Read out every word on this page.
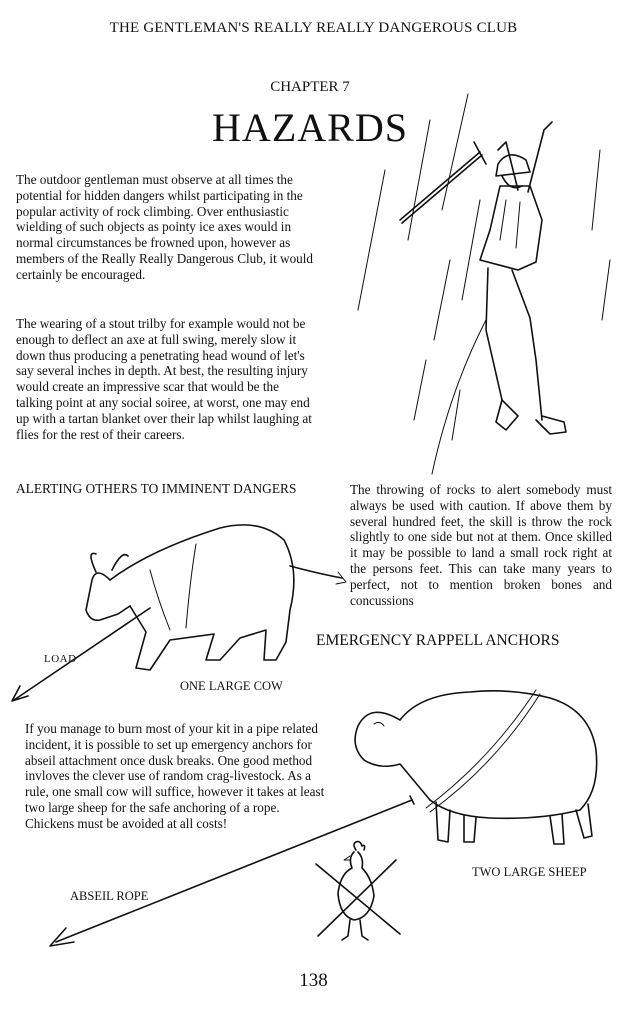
THE GENTLEMAN'S REALLY REALLY DANGEROUS CLUB
CHAPTER 7
HAZARDS

The outdoor gentleman must observe at all times the potential for hidden dangers whilst participating in the popular activity of rock climbing. Over enthusiastic wielding of such objects as pointy ice axes would in normal circumstances be frowned upon, however as members of the Really Really Dangerous Club, it would certainly be encouraged.

The wearing of a stout trilby for example would not be enough to deflect an axe at full swing, merely slow it down thus producing a penetrating head wound of let's say several inches in depth. At best, the resulting injury would create an impressive scar that would be the talking point at any social soiree, at worst, one may end up with a tartan blanket over their lap whilst laughing at flies for the rest of their careers.

ALERTING OTHERS TO IMMINENT DANGERS	The throwing of rocks to alert somebody must always be used with caution. If above them by several hundred feet, the skill is throw the rock slightly to one side but not at them. Once skilled it may be possible to land a small rock right at the persons feet. This can take many years to perfect, not to mention broken bones and concussions

LOAD
ONE LARGE COW
EMERGENCY RAPPELL ANCHORS

If you manage to burn most of your kit in a pipe related incident, it is possible to set up emergency anchors for abseil attachment once dusk breaks. One good method invloves the clever use of random crag-livestock. As a rule, one small cow will suffice, however it takes at least two large sheep for the safe anchoring of a rope. Chickens must be avoided at all costs!

TWO LARGE SHEEP
ABSEIL ROPE
138
